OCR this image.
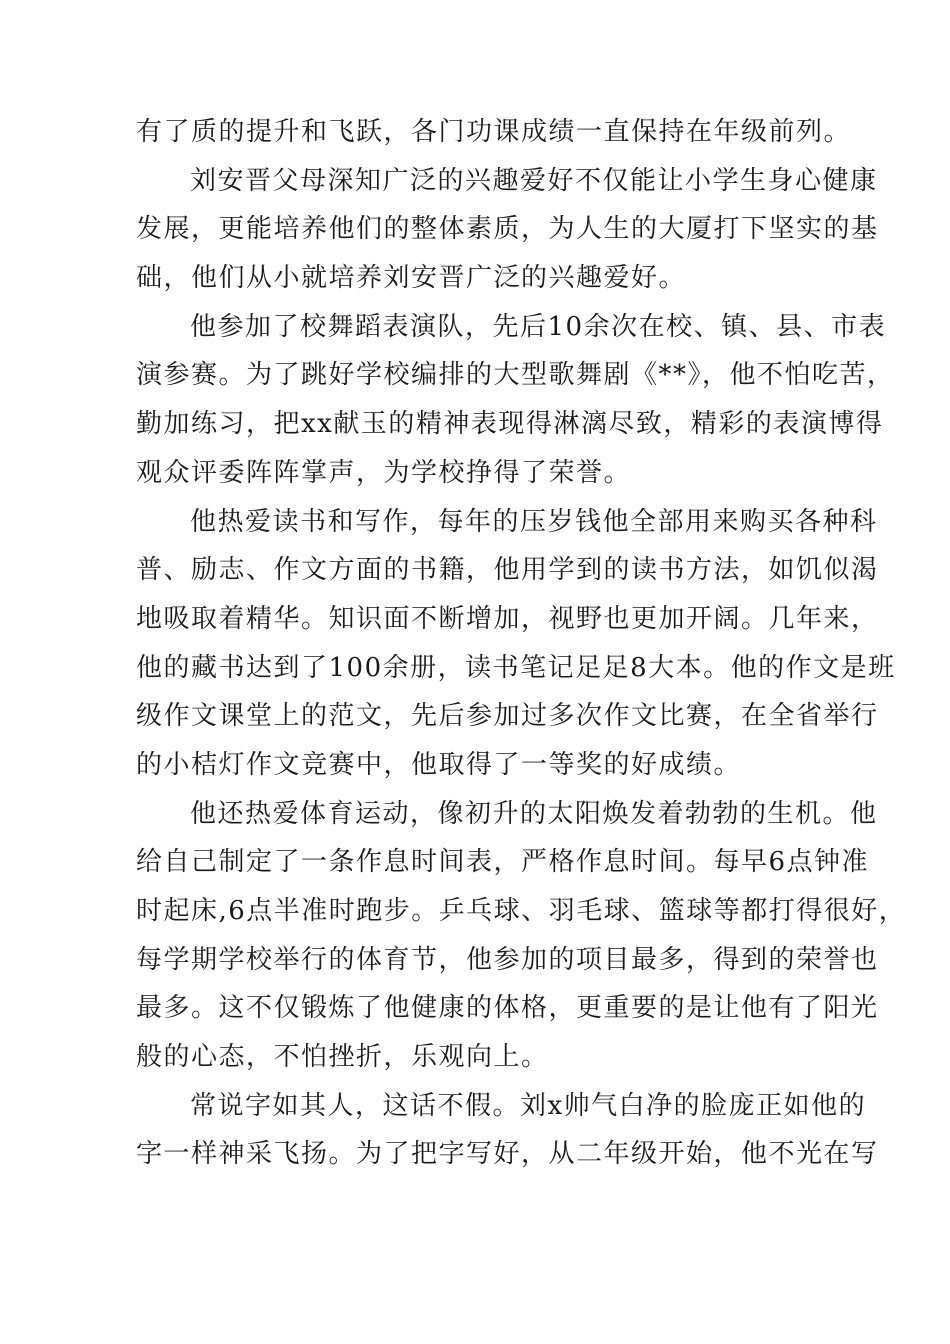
有了质的提升和飞跃，各门功课成绩一直保持在年级前列。
刘安晋父母深知广泛的兴趣爱好不仅能让小学生身心健康
发展，更能培养他们的整体素质，为人生的大厦打下坚实的基
础，他们从小就培养刘安晋广泛的兴趣爱好。
他参加了校舞蹈表演队，先后10余次在校、镇、县、市表
演参赛。为了跳好学校编排的大型歌舞剧《**》，他不怕吃苦，
勤加练习，把xx献玉的精神表现得淋漓尽致，精彩的表演博得
观众评委阵阵掌声，为学校挣得了荣誉。
他热爱读书和写作，每年的压岁钱他全部用来购买各种科
普、励志、作文方面的书籍，他用学到的读书方法，如饥似渴
地吸取着精华。知识面不断增加，视野也更加开阔。几年来，
他的藏书达到了100余册，读书笔记足足8大本。他的作文是班
级作文课堂上的范文，先后参加过多次作文比赛，在全省举行
的小桔灯作文竞赛中，他取得了一等奖的好成绩。
他还热爱体育运动，像初升的太阳焕发着勃勃的生机。他
给自己制定了一条作息时间表，严格作息时间。每早6点钟准
时起床,6点半准时跑步。乒乓球、羽毛球、篮球等都打得很好，
每学期学校举行的体育节，他参加的项目最多，得到的荣誉也
最多。这不仅锻炼了他健康的体格，更重要的是让他有了阳光
般的心态，不怕挫折，乐观向上。
常说字如其人，这话不假。刘x帅气白净的脸庞正如他的
字一样神采飞扬。为了把字写好，从二年级开始，他不光在写
